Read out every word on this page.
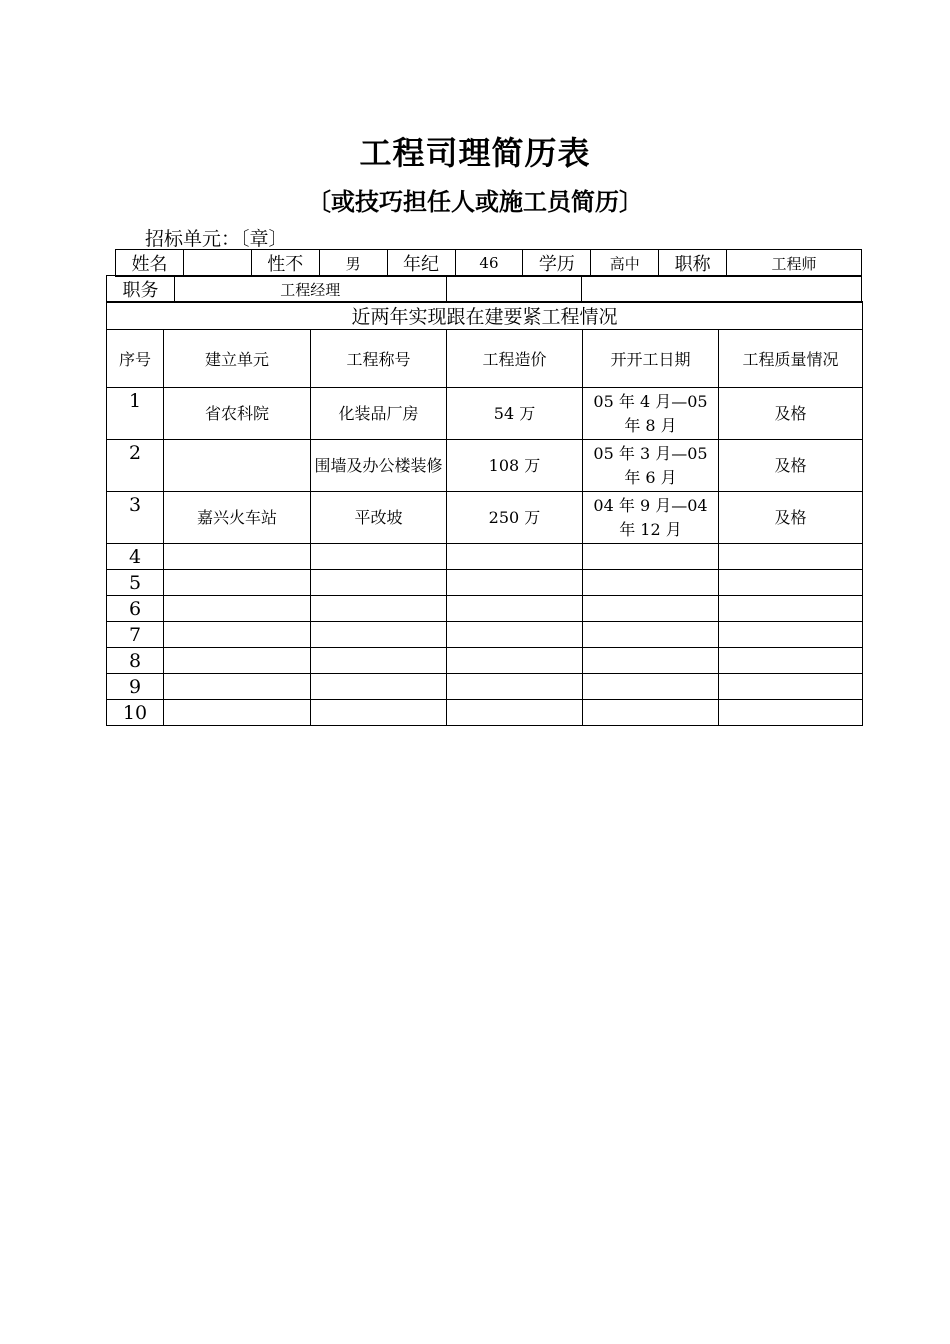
工程司理简历表
〔或技巧担任人或施工员简历〕
招标单元：〔章〕
姓名		性不	男	年纪	46	学历	高中	职称	工程师
职务	工程经理		
近两年实现跟在建要紧工程情况					
序号	建立单元	工程称号	工程造价	开开工日期	工程质量情况
1	省农科院	化装品厂房	54 万	05 年 4 月—05 年 8 月	及格
2		围墙及办公楼装修	108 万	05 年 3 月—05 年 6 月	及格
3	嘉兴火车站	平改坡	250 万	04 年 9 月—04 年 12 月	及格
4					
5					
6					
7					
8					
9					
10					
